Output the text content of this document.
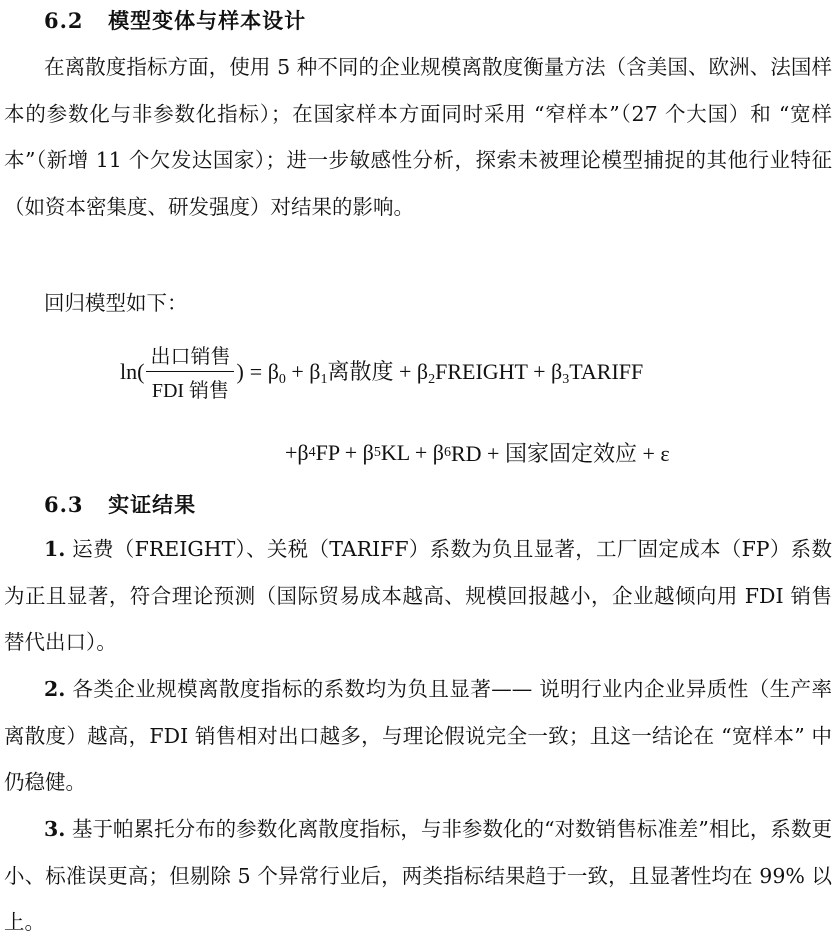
6.2 模型变体与样本设计

在离散度指标方面，使用 5 种不同的企业规模离散度衡量方法（含美国、欧洲、法国样本的参数化与非参数化指标）；在国家样本方面同时采用 “窄样本”（27 个大国）和 “宽样本”（新增 11 个欠发达国家）；进一步敏感性分析，探索未被理论模型捕捉的其他行业特征（如资本密集度、研发强度）对结果的影响。

回归模型如下：
$\ln( \frac{\text{出口销售}}{\text{FDI 销售}}$ ) = $\beta_0 + \beta_1$离散度 + $\beta_2FREIGHT$ + $\beta_3TARIFF$
+β 4 FP + β 5 KL + β 6 RD + 国家固定效应 + ε
6.3 实证结果

1. 运费（FREIGHT）、关税（TARIFF）系数为负且显著，工厂固定成本（FP）系数为正且显著，符合理论预测（国际贸易成本越高、规模回报越小，企业越倾向用 FDI 销售替代出口）。

2. 各类企业规模离散度指标的系数均为负且显著—— 说明行业内企业异质性（生产率离散度）越高，FDI 销售相对出口越多，与理论假说完全一致；且这一结论在 “宽样本” 中仍稳健。

3. 基于帕累托分布的参数化离散度指标，与非参数化的“对数销售标准差”相比，系数更小、标准误更高；但剔除 5 个异常行业后，两类指标结果趋于一致，且显著性均在 99% 以上。
